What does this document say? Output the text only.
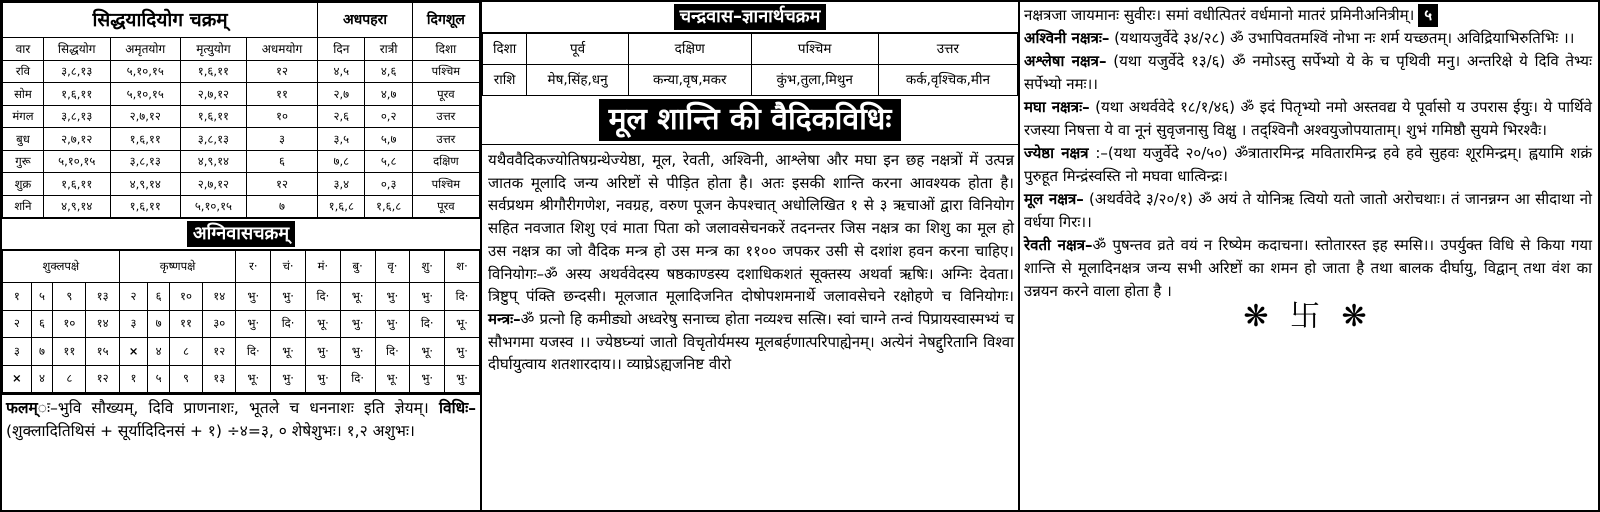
सिद्धयादियोग चक्रम्					अधपहरा		दिगशूल
वार	सिद्धयोग	अमृतयोग	मृत्युयोग	अधमयोग	दिन	रात्री	दिशा
रवि	३,८,१३	५,१०,१५	१,६,११	१२	४,५	४,६	पश्चिम
सोम	१,६,११	५,१०,१५	२,७,१२	११	२,७	४,७	पूरव
मंगल	३,८,१३	२,७,१२	१,६,११	१०	२,६	०,२	उत्तर
बुध	२,७,१२	१,६,११	३,८,१३	३	३,५	५,७	उत्तर
गुरू	५,१०,१५	३,८,१३	४,९,१४	६	७,८	५,८	दक्षिण
शुक्र	१,६,११	४,९,१४	२,७,१२	१२	३,४	०,३	पश्चिम
शनि	४,९,१४	१,६,११	५,१०,१५	७	१,६,८	१,६,८	पूरव
अग्निवासचक्रम्
शुक्लपक्षे				कृष्णपक्षे				र·	चं·	मं·	बु·	वृ·	शु·	श·
१	५	९	१३	२	६	१०	१४	भु·	भु·	दि·	भू·	भु·	भु·	दि·
२	६	१०	१४	३	७	११	३०	भु·	दि·	भू·	भु·	भु·	दि·	भू·
३	७	११	१५	×	४	८	१२	दि·	भू·	भु·	भु·	दि·	भू·	भु·
×	४	८	१२	१	५	९	१३	भू·	भु·	भु·	दि·	भू·	भु·	भु·
फलम्ः–भुवि सौख्यम्, दिवि प्राणनाशः, भूतले च धननाशः इति ज्ञेयम्। विधिः– (शुक्लादितिथिसं + सूर्यादिदिनसं + १) ÷४=३, ० शेषेशुभः। १,२ अशुभः।
चन्द्रवास–ज्ञानार्थचक्रम
दिशा	पूर्व	दक्षिण	पश्चिम	उत्तर
राशि	मेष,सिंह,धनु	कन्या,वृष,मकर	कुंभ,तुला,मिथुन	कर्क,वृश्चिक,मीन
मूल शान्ति की वैदिकविधिः
यथैववैदिकज्योतिषग्रन्थेज्येष्ठा, मूल, रेवती, अश्विनी, आश्लेषा और मघा इन छह नक्षत्रों में उत्पन्न जातक मूलादि जन्य अरिष्टों से पीड़ित होता है। अतः इसकी शान्ति करना आवश्यक होता है। सर्वप्रथम श्रीगौरीगणेश, नवग्रह, वरुण पूजन केपश्चात् अधोलिखित १ से ३ ऋचाओं द्वारा विनियोग सहित नवजात शिशु एवं माता पिता को जलावसेचनकरें तदनन्तर जिस नक्षत्र का शिशु का मूल हो उस नक्षत्र का जो वैदिक मन्त्र हो उस मन्त्र का ११०० जपकर उसी से दशांश हवन करना चाहिए। विनियोगः–ॐ अस्य अथर्ववेदस्य षष्ठकाण्डस्य दशाधिकशतं सूक्तस्य अथर्वा ऋषिः। अग्निः देवता। त्रिष्टुप् पंक्ति छन्दसी। मूलजात मूलादिजनित दोषोपशमनार्थे जलावसेचने रक्षोहणे च विनियोगः। मन्त्रः–ॐ प्रत्नो हि कमीड्यो अध्वरेषु सनाच्च होता नव्यश्च सत्सि। स्वां चाग्ने तन्वं पिप्रायस्वास्मभ्यं च सौभगमा यजस्व ।। ज्येष्ठघ्न्यां जातो विचृतोर्यमस्य मूलबर्हणात्परिपाह्येनम्। अत्येनं नेषद्दुरितानि विश्वा दीर्घायुत्वाय शतशारदाय।। व्याघ्रेऽह्यजनिष्ट वीरो

नक्षत्रजा जायमानः सुवीरः। समां वधीत्पितरं वर्धमानो मातरं प्रमिनीअनित्रीम्। ५

अश्विनी नक्षत्रः– (यथायजुर्वेदे ३४/२८) ॐ उभापिवतमश्विं नोभा नः शर्म यच्छतम्। अविद्रियाभिरुतिभिः ।।

अश्लेषा नक्षत्र– (यथा यजुर्वेदे १३/६) ॐ नमोऽस्तु सर्पेभ्यो ये के च पृथिवी मनु। अन्तरिक्षे ये दिवि तेभ्यः सर्पेभ्यो नमः।।

मघा नक्षत्रः– (यथा अथर्ववेदे १८/१/४६) ॐ इदं पितृभ्यो नमो अस्तवद्य ये पूर्वासो य उपरास ईयुः। ये पार्थिवे रजस्या निषत्ता ये वा नूनं सुवृजनासु विक्षु । तद्श्विनौ अश्वयुजोपयाताम्। शुभं गमिष्ठौ सुयमे भिरश्वैः।

ज्येष्ठा नक्षत्र :–(यथा यजुर्वेदे २०/५०) ॐत्रातारमिन्द्र मवितारमिन्द्र हवे हवे सुहवः शूरमिन्द्रम्। ह्वयामि शक्रं पुरुहूत मिन्द्रंस्वस्ति नो मघवा धात्विन्द्रः।

मूल नक्षत्र– (अथर्ववेदे ३/२०/१) ॐ अयं ते योनिऋ त्वियो यतो जातो अरोचथाः। तं जानन्नग्न आ सीदाथा नो वर्धया गिरः।।

रेवती नक्षत्र–ॐ पुषन्तव व्रते वयं न रिष्येम कदाचना। स्तोतारस्त इह स्मसि।। उपर्युक्त विधि से किया गया शान्ति से मूलादिनक्षत्र जन्य सभी अरिष्टों का शमन हो जाता है तथा बालक दीर्घायु, विद्वान् तथा वंश का उन्नयन करने वाला होता है ।

❋ 卐 ❋
